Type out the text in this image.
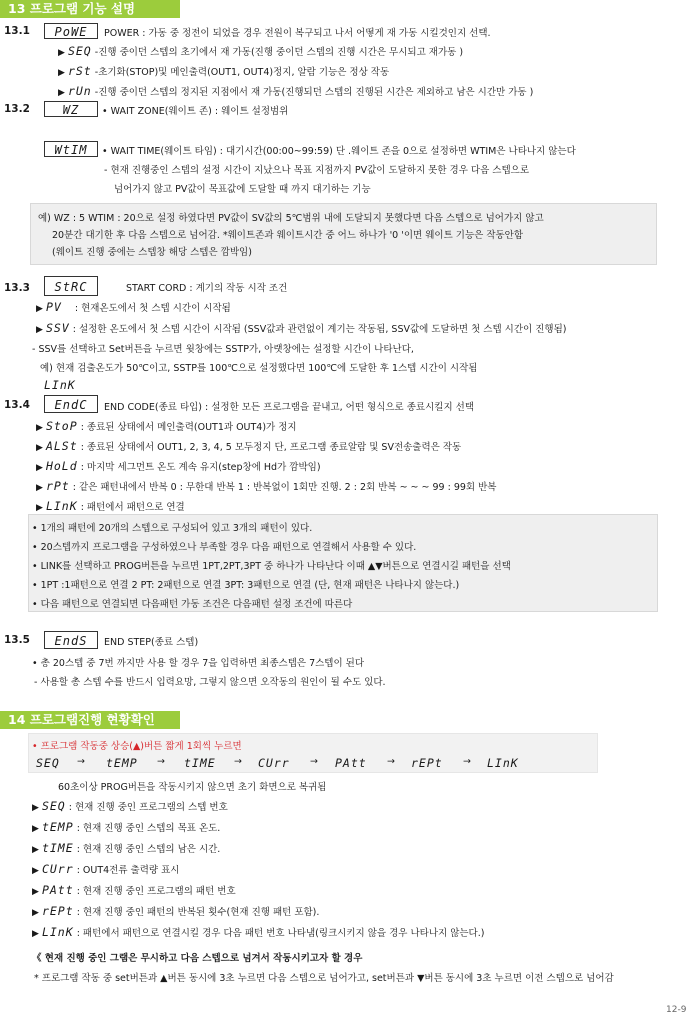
13 프로그램 기능 설명
13.1	PoWE	POWER : 가동 중 정전이 되었을 경우 전원이 복구되고 나서 어떻게 재 가동 시킬것인지 선택.
▶ SEQ -진행 중이던 스텝의 초기에서 재 가동(진행 중이던 스텝의 진행 시간은 무시되고 재가동 )
▶ rSt -초기화(STOP)및 메인출력(OUT1, OUT4)정지, 알람 기능은 정상 작동
▶ rUn -진행 중이던 스텝의 정지된 지점에서 재 가동(진행되던 스텝의 진행된 시간은 제외하고 남은 시간만 가동 )
13.2	WZ	• WAIT ZONE(웨이트 존) : 웨이트 설정범위
WtIM	• WAIT TIME(웨이트 타임) : 대기시간(00:00~99:59) 단 .웨이트 존을 0으로 설정하면 WTIM은 나타나지 않는다
- 현재 진행중인 스텝의 설정 시간이 지났으나 목표 지점까지 PV값이 도달하지 못한 경우 다음 스텝으로
넘어가지 않고 PV값이 목표값에 도달할 때 까지 대기하는 기능
예) WZ : 5 WTIM : 20으로 설정 하였다면 PV값이 SV값의 5℃범위 내에 도달되지 못했다면 다음 스텝으로 넘어가지 않고
20분간 대기한 후 다음 스텝으로 넘어감. *웨이트존과 웨이트시간 중 어느 하나가 '0 '이면 웨이트 기능은 작동안함
(웨이트 진행 중에는 스텝창 해당 스텝은 깜박임)
13.3	StRC	START CORD : 계기의 작동 시작 조건
▶ PV : 현재온도에서 첫 스텝 시간이 시작됨
▶ SSV : 설정한 온도에서 첫 스텝 시간이 시작됨 (SSV값과 관련없이 계기는 작동됨, SSV값에 도달하면 첫 스텝 시간이 진행됨)
- SSV를 선택하고 Set버튼을 누르면 윗창에는 SSTP가, 아랫창에는 설정할 시간이 나타난다,
예) 현재 검출온도가 50℃이고, SSTP를 100℃으로 설정했다면 100℃에 도달한 후 1스텝 시간이 시작됨
LInK
13.4	EndC	END CODE(종료 타입) : 설정한 모든 프로그램을 끝내고, 어떤 형식으로 종료시킬지 선택
▶ StoP : 종료된 상태에서 메인출력(OUT1과 OUT4)가 정지
▶ ALSt : 종료된 상태에서 OUT1, 2, 3, 4, 5 모두정지 단, 프로그램 종료알람 및 SV전송출력은 작동
▶ HoLd : 마지막 세그먼트 온도 계속 유지(step창에 Hd가 깜박임)
▶ rPt : 같은 패턴내에서 반복 0 : 무한대 반복 1 : 반복없이 1회만 진행. 2 : 2회 반복 ~ ~ ~ 99 : 99회 반복
▶ LInK : 패턴에서 패턴으로 연결
• 1개의 패턴에 20개의 스텝으로 구성되어 있고 3개의 패턴이 있다.
• 20스텝까지 프로그램을 구성하였으나 부족할 경우 다음 패턴으로 연결해서 사용할 수 있다.
• LINK를 선택하고 PROG버튼을 누르면 1PT,2PT,3PT 중 하나가 나타난다 이때 ▲▼버튼으로 연결시길 패턴을 선택
• 1PT :1패턴으로 연결 2 PT: 2패턴으로 연결 3PT: 3패턴으로 연결 (단, 현재 패턴은 나타나지 않는다.)
• 다음 패턴으로 연결되면 다음패턴 가동 조건은 다음패턴 설정 조건에 따른다
13.5	EndS	END STEP(종료 스텝)
• 총 20스텝 중 7번 까지만 사용 할 경우 7을 입력하면 최종스텝은 7스텝이 된다
- 사용할 총 스텝 수를 반드시 입력요망, 그렇지 않으면 오작동의 원인이 될 수도 있다.
14 프로그램진행 현황확인
• 프로그램 작동중 상승(▲)버튼 짧게 1회씩 누르면
SEQ → tEMP → tIME → CUrr → PAtt → rEPt → LInK
60초이상 PROG버튼을 작동시키지 않으면 초기 화면으로 복귀됨
▶ SEQ : 현재 진행 중인 프로그램의 스텝 번호
▶ tEMP : 현재 진행 중인 스텝의 목표 온도.
▶ tIME : 현재 진행 중인 스텝의 남은 시간.
▶ CUrr : OUT4전류 출력량 표시
▶ PAtt : 현재 진행 중인 프로그램의 패턴 번호
▶ rEPt : 현재 진행 중인 패턴의 반복된 횟수(현재 진행 패턴 포함).
▶ LInK : 패턴에서 패턴으로 연결시킬 경우 다음 패턴 번호 나타냄(링크시키지 않을 경우 나타나지 않는다.)
《 현재 진행 중인 그램은 무시하고 다음 스텝으로 넘겨서 작동시키고자 할 경우
* 프로그램 작동 중 set버튼과 ▲버튼 동시에 3초 누르면 다음 스텝으로 넘어가고, set버튼과 ▼버튼 동시에 3초 누르면 이전 스텝으로 넘어감
12-9
